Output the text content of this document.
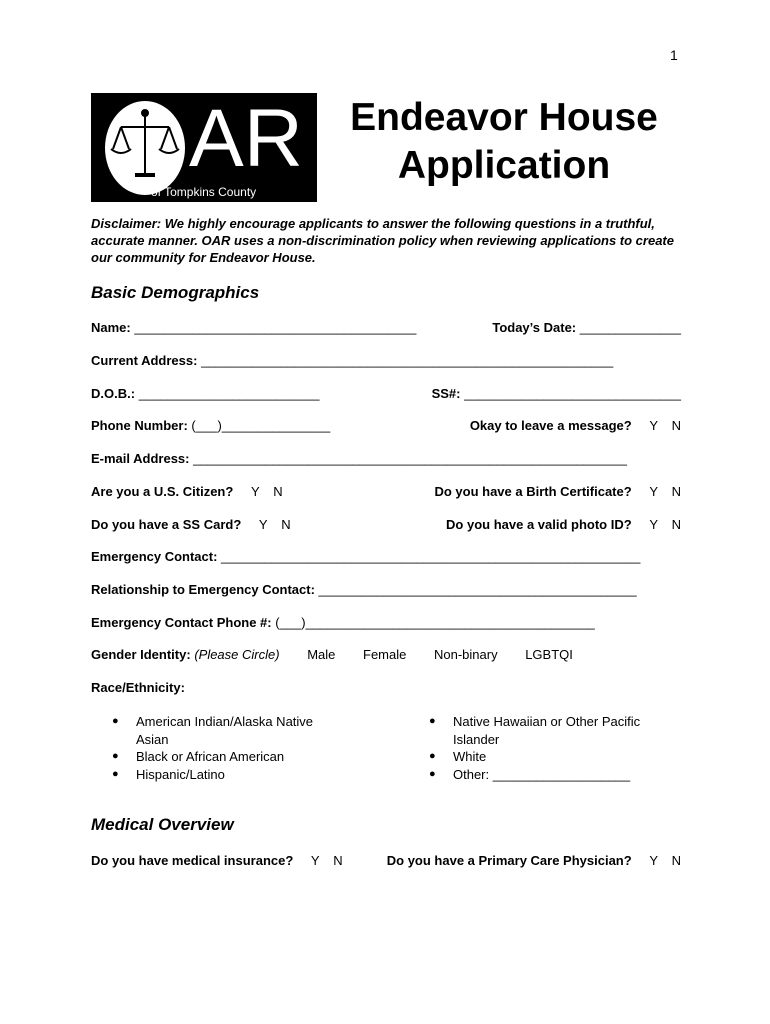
1
AR
Since 1975
of Tompkins County
Endeavor House
Application
Disclaimer: We highly encourage applicants to answer the following questions in a truthful, accurate manner. OAR uses a non-discrimination policy when reviewing applications to create our community for Endeavor House.
Basic Demographics
Name: _______________________________________	Today’s Date: ______________
Current Address: _________________________________________________________
D.O.B.: _________________________	SS#: ______________________________
Phone Number: (___)_______________	Okay to leave a message? Y N
E-mail Address: ____________________________________________________________
Are you a U.S. Citizen? Y N	Do you have a Birth Certificate? Y N
Do you have a SS Card? Y N	Do you have a valid photo ID? Y N
Emergency Contact: __________________________________________________________
Relationship to Emergency Contact: ____________________________________________
Emergency Contact Phone #: (___)________________________________________
Gender Identity: (Please Circle) Male Female Non-binary LGBTQI
Race/Ethnicity:
● American Indian/Alaska Native
Asian
● Black or African American
● Hispanic/Latino
● Native Hawaiian or Other Pacific
Islander
● White
● Other: ___________________
Medical Overview
Do you have medical insurance? Y N	Do you have a Primary Care Physician? Y N
